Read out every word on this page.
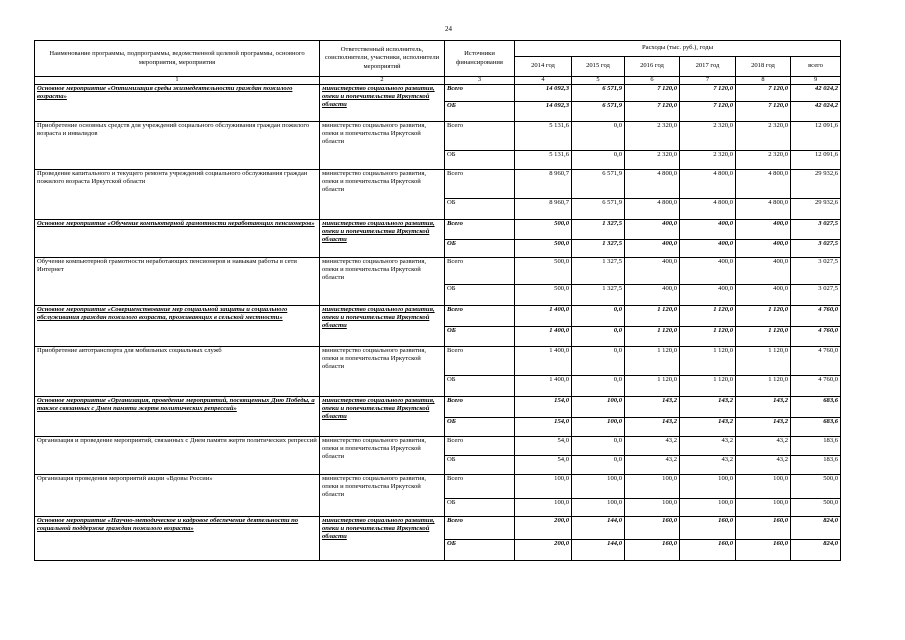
24
Наименование программы, подпрограммы, ведомственной целевой программы, основного мероприятия, мероприятия	Ответственный исполнитель, соисполнители, участники, исполнители мероприятий	Источники финансирования	Расходы (тыс. руб.), годы					
			2014 год	2015 год	2016 год	2017 год	2018 год	всего
1	2	3	4	5	6	7	8	9
Основное мероприятие «Оптимизация среды жизнедеятельности граждан пожилого возраста»	министерство социального развития, опеки и попечительства Иркутской области	Всего	14 092,3	6 571,9	7 120,0	7 120,0	7 120,0	42 024,2
		ОБ	14 092,3	6 571,9	7 120,0	7 120,0	7 120,0	42 024,2
Приобретение основных средств для учреждений социального обслуживания граждан пожилого возраста и инвалидов	министерство социального развития, опеки и попечительства Иркутской области	Всего	5 131,6	0,0	2 320,0	2 320,0	2 320,0	12 091,6
		ОБ	5 131,6	0,0	2 320,0	2 320,0	2 320,0	12 091,6
Проведение капитального и текущего ремонта учреждений социального обслуживания граждан пожилого возраста Иркутской области	министерство социального развития, опеки и попечительства Иркутской области	Всего	8 960,7	6 571,9	4 800,0	4 800,0	4 800,0	29 932,6
		ОБ	8 960,7	6 571,9	4 800,0	4 800,0	4 800,0	29 932,6
Основное мероприятие «Обучение компьютерной грамотности неработающих пенсионеров»	министерство социального развития, опеки и попечительства Иркутской области	Всего	500,0	1 327,5	400,0	400,0	400,0	3 027,5
		ОБ	500,0	1 327,5	400,0	400,0	400,0	3 027,5
Обучение компьютерной грамотности неработающих пенсионеров и навыкам работы в сети Интернет	министерство социального развития, опеки и попечительства Иркутской области	Всего	500,0	1 327,5	400,0	400,0	400,0	3 027,5
		ОБ	500,0	1 327,5	400,0	400,0	400,0	3 027,5
Основное мероприятие «Совершенствование мер социальной защиты и социального обслуживания граждан пожилого возраста, проживающих в сельской местности»	министерство социального развития, опеки и попечительства Иркутской области	Всего	1 400,0	0,0	1 120,0	1 120,0	1 120,0	4 760,0
		ОБ	1 400,0	0,0	1 120,0	1 120,0	1 120,0	4 760,0
Приобретение автотранспорта для мобильных социальных служб	министерство социального развития, опеки и попечительства Иркутской области	Всего	1 400,0	0,0	1 120,0	1 120,0	1 120,0	4 760,0
		ОБ	1 400,0	0,0	1 120,0	1 120,0	1 120,0	4 760,0
Основное мероприятие «Организация, проведение мероприятий, посвященных Дню Победы, а также связанных с Днем памяти жертв политических репрессий»	министерство социального развития, опеки и попечительства Иркутской области	Всего	154,0	100,0	143,2	143,2	143,2	683,6
		ОБ	154,0	100,0	143,2	143,2	143,2	683,6
Организация и проведение мероприятий, связанных с Днем памяти жертв политических репрессий	министерство социального развития, опеки и попечительства Иркутской области	Всего	54,0	0,0	43,2	43,2	43,2	183,6
		ОБ	54,0	0,0	43,2	43,2	43,2	183,6
Организация проведения мероприятий акции «Вдовы России»	министерство социального развития, опеки и попечительства Иркутской области	Всего	100,0	100,0	100,0	100,0	100,0	500,0
		ОБ	100,0	100,0	100,0	100,0	100,0	500,0
Основное мероприятие «Научно-методическое и кадровое обеспечение деятельности по социальной поддержке граждан пожилого возраста»	министерство социального развития, опеки и попечительства Иркутской области	Всего	200,0	144,0	160,0	160,0	160,0	824,0
		ОБ	200,0	144,0	160,0	160,0	160,0	824,0
